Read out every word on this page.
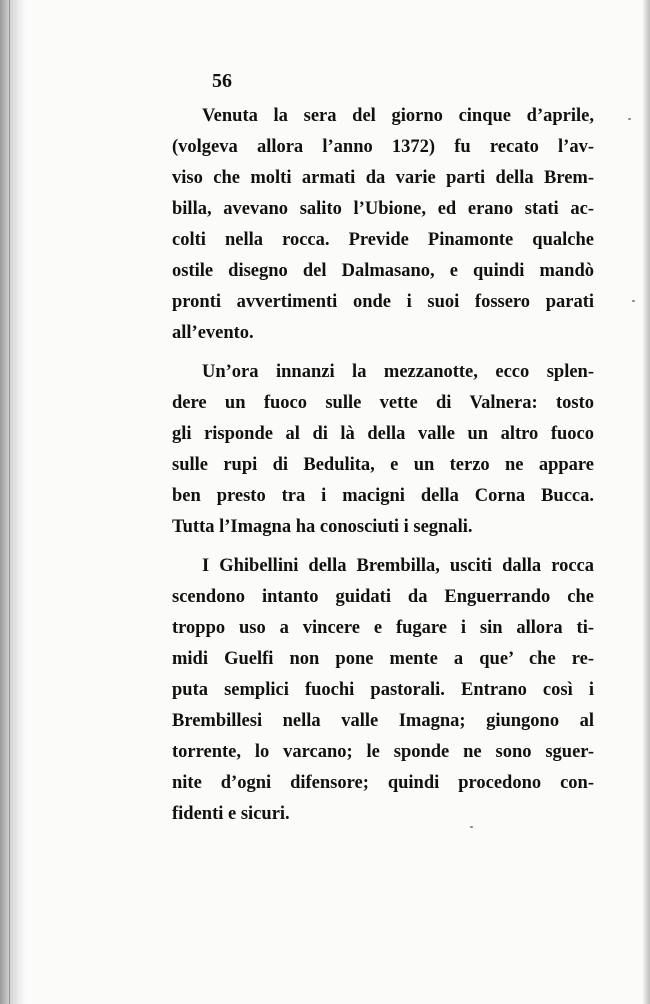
56
Venuta la sera del giorno cinque d’aprile,
(volgeva allora l’anno 1372) fu recato l’av-
viso che molti armati da varie parti della Brem-
billa, avevano salito l’Ubione, ed erano stati ac-
colti nella rocca. Previde Pinamonte qualche
ostile disegno del Dalmasano, e quindi mandò
pronti avvertimenti onde i suoi fossero parati
all’evento.
Un’ora innanzi la mezzanotte, ecco splen-
dere un fuoco sulle vette di Valnera: tosto
gli risponde al di là della valle un altro fuoco
sulle rupi di Bedulita, e un terzo ne appare
ben presto tra i macigni della Corna Bucca.
Tutta l’Imagna ha conosciuti i segnali.
I Ghibellini della Brembilla, usciti dalla rocca
scendono intanto guidati da Enguerrando che
troppo uso a vincere e fugare i sin allora ti-
midi Guelfi non pone mente a que’ che re-
puta semplici fuochi pastorali. Entrano così i
Brembillesi nella valle Imagna; giungono al
torrente, lo varcano; le sponde ne sono sguer-
nite d’ogni difensore; quindi procedono con-
fidenti e sicuri.
